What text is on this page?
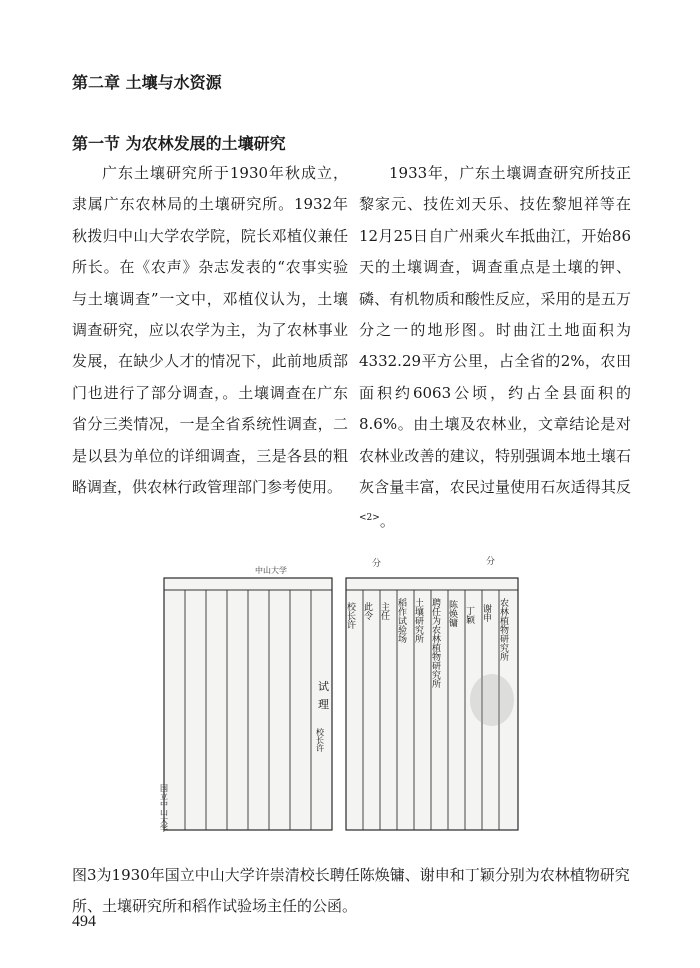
第二章 土壤与水资源
第一节 为农林发展的土壤研究

广东土壤研究所于1930年秋成立，隶属广东农林局的土壤研究所。1932年秋拨归中山大学农学院，院长邓植仪兼任所长。在《农声》杂志发表的“农事实验与土壤调查”一文中，邓植仪认为，土壤调查研究，应以农学为主，为了农林事业发展，在缺少人才的情况下，此前地质部门也进行了部分调查，。土壤调查在广东省分三类情况，一是全省系统性调查，二是以县为单位的详细调查，三是各县的粗略调查，供农林行政管理部门参考使用。

1933年，广东土壤调查研究所技正黎家元、技佐刘天乐、技佐黎旭祥等在12月25日自广州乘火车抵曲江，开始86天的土壤调查，调查重点是土壤的钾、磷、有机物质和酸性反应，采用的是五万分之一的地形图。时曲江土地面积为4332.29平方公里，占全省的2%，农田面积约6063公顷，约占全县面积的8.6%。由土壤及农林业，文章结论是对农林业改善的建议，特别强调本地土壤石灰含量丰富，农民过量使用石灰适得其反$^{<2>}$。

中山大学
试
理
校长许
国立中山大学
分	分
农林植物研究所
谢申
丁颖
陈焕镛
聘任为农林植物研究所
土壤研究所
稻作试验场
主任
此令
校长许
图3为1930年国立中山大学许崇清校长聘任陈焕镛、谢申和丁颖分别为农林植物研究所、土壤研究所和稻作试验场主任的公函。
494
